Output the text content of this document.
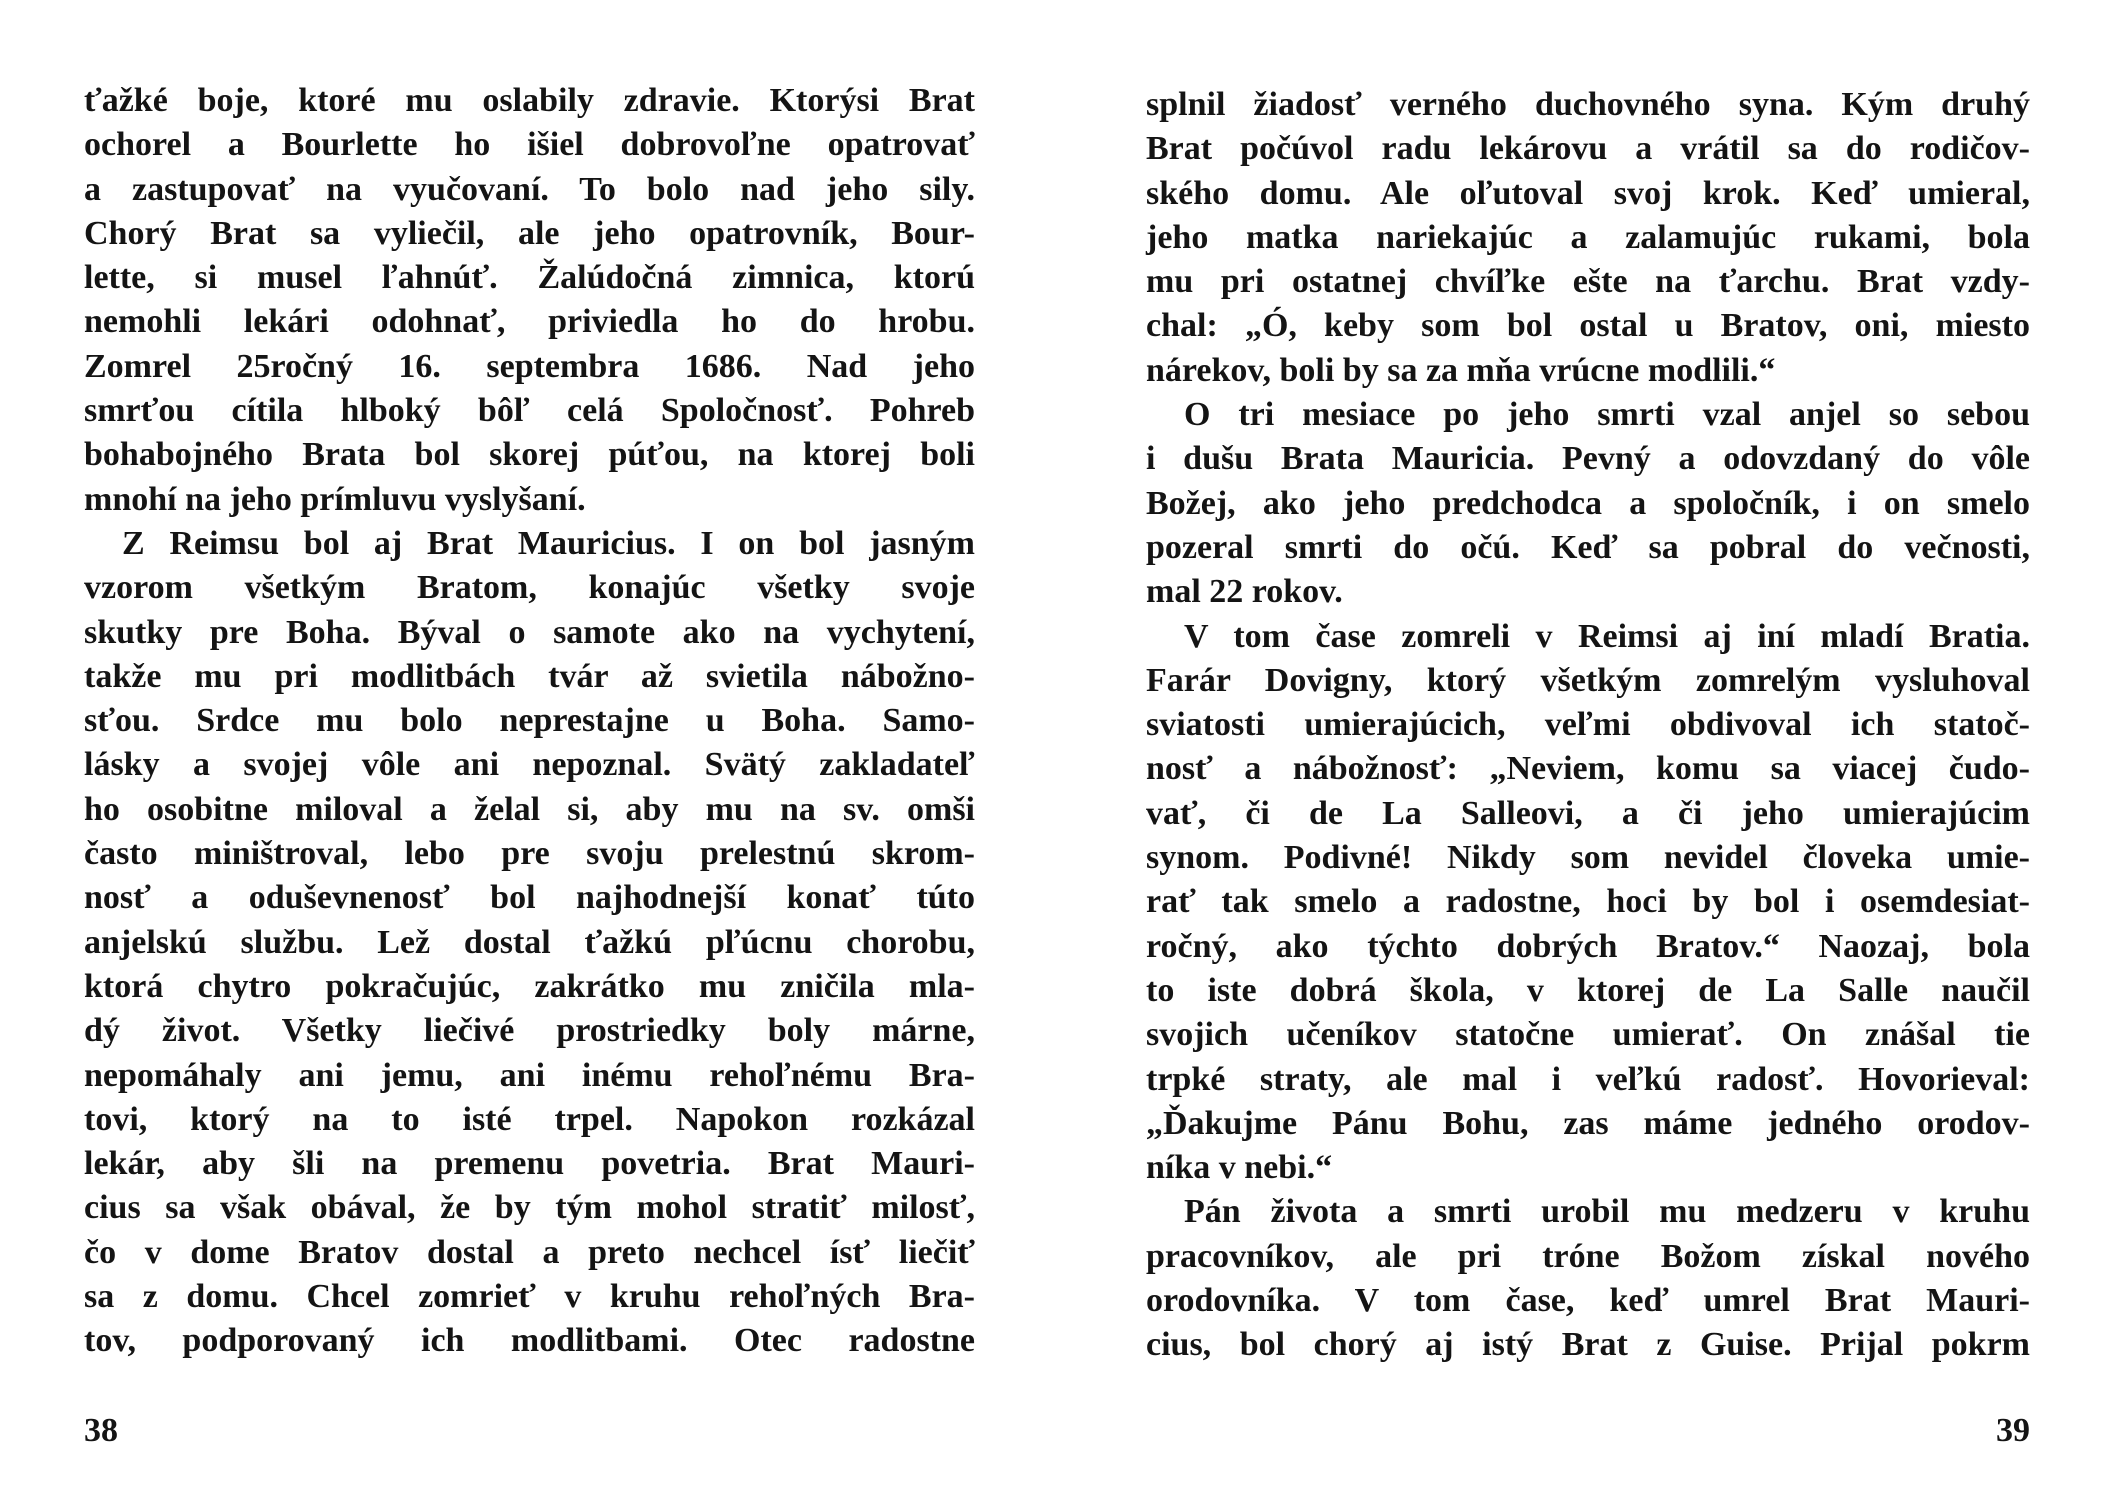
ťažké boje, ktoré mu oslabily zdravie. Ktorýsi Brat
ochorel a Bourlette ho išiel dobrovoľne opatrovať
a zastupovať na vyučovaní. To bolo nad jeho sily.
Chorý Brat sa vyliečil, ale jeho opatrovník, Bour-
lette, si musel ľahnúť. Žalúdočná zimnica, ktorú
nemohli lekári odohnať, priviedla ho do hrobu.
Zomrel 25ročný 16. septembra 1686. Nad jeho
smrťou cítila hlboký bôľ celá Spoločnosť. Pohreb
bohabojného Brata bol skorej púťou, na ktorej boli
mnohí na jeho prímluvu vyslyšaní.
Z Reimsu bol aj Brat Mauricius. I on bol jasným
vzorom všetkým Bratom, konajúc všetky svoje
skutky pre Boha. Býval o samote ako na vychytení,
takže mu pri modlitbách tvár až svietila nábožno-
sťou. Srdce mu bolo neprestajne u Boha. Samo-
lásky a svojej vôle ani nepoznal. Svätý zakladateľ
ho osobitne miloval a želal si, aby mu na sv. omši
často miništroval, lebo pre svoju prelestnú skrom-
nosť a oduševnenosť bol najhodnejší konať túto
anjelskú službu. Lež dostal ťažkú pľúcnu chorobu,
ktorá chytro pokračujúc, zakrátko mu zničila mla-
dý život. Všetky liečivé prostriedky boly márne,
nepomáhaly ani jemu, ani inému rehoľnému Bra-
tovi, ktorý na to isté trpel. Napokon rozkázal
lekár, aby šli na premenu povetria. Brat Mauri-
cius sa však obával, že by tým mohol stratiť milosť,
čo v dome Bratov dostal a preto nechcel ísť liečiť
sa z domu. Chcel zomrieť v kruhu rehoľných Bra-
tov, podporovaný ich modlitbami. Otec radostne
splnil žiadosť verného duchovného syna. Kým druhý
Brat počúvol radu lekárovu a vrátil sa do rodičov-
ského domu. Ale oľutoval svoj krok. Keď umieral,
jeho matka nariekajúc a zalamujúc rukami, bola
mu pri ostatnej chvíľke ešte na ťarchu. Brat vzdy-
chal: „Ó, keby som bol ostal u Bratov, oni, miesto
nárekov, boli by sa za mňa vrúcne modlili.“
O tri mesiace po jeho smrti vzal anjel so sebou
i dušu Brata Mauricia. Pevný a odovzdaný do vôle
Božej, ako jeho predchodca a spoločník, i on smelo
pozeral smrti do očú. Keď sa pobral do večnosti,
mal 22 rokov.
V tom čase zomreli v Reimsi aj iní mladí Bratia.
Farár Dovigny, ktorý všetkým zomrelým vysluhoval
sviatosti umierajúcich, veľmi obdivoval ich statoč-
nosť a nábožnosť: „Neviem, komu sa viacej čudo-
vať, či de La Salleovi, a či jeho umierajúcim
synom. Podivné! Nikdy som nevidel človeka umie-
rať tak smelo a radostne, hoci by bol i osemdesiat-
ročný, ako týchto dobrých Bratov.“ Naozaj, bola
to iste dobrá škola, v ktorej de La Salle naučil
svojich učeníkov statočne umierať. On znášal tie
trpké straty, ale mal i veľkú radosť. Hovorieval:
„Ďakujme Pánu Bohu, zas máme jedného orodov-
níka v nebi.“
Pán života a smrti urobil mu medzeru v kruhu
pracovníkov, ale pri tróne Božom získal nového
orodovníka. V tom čase, keď umrel Brat Mauri-
cius, bol chorý aj istý Brat z Guise. Prijal pokrm
38	39
